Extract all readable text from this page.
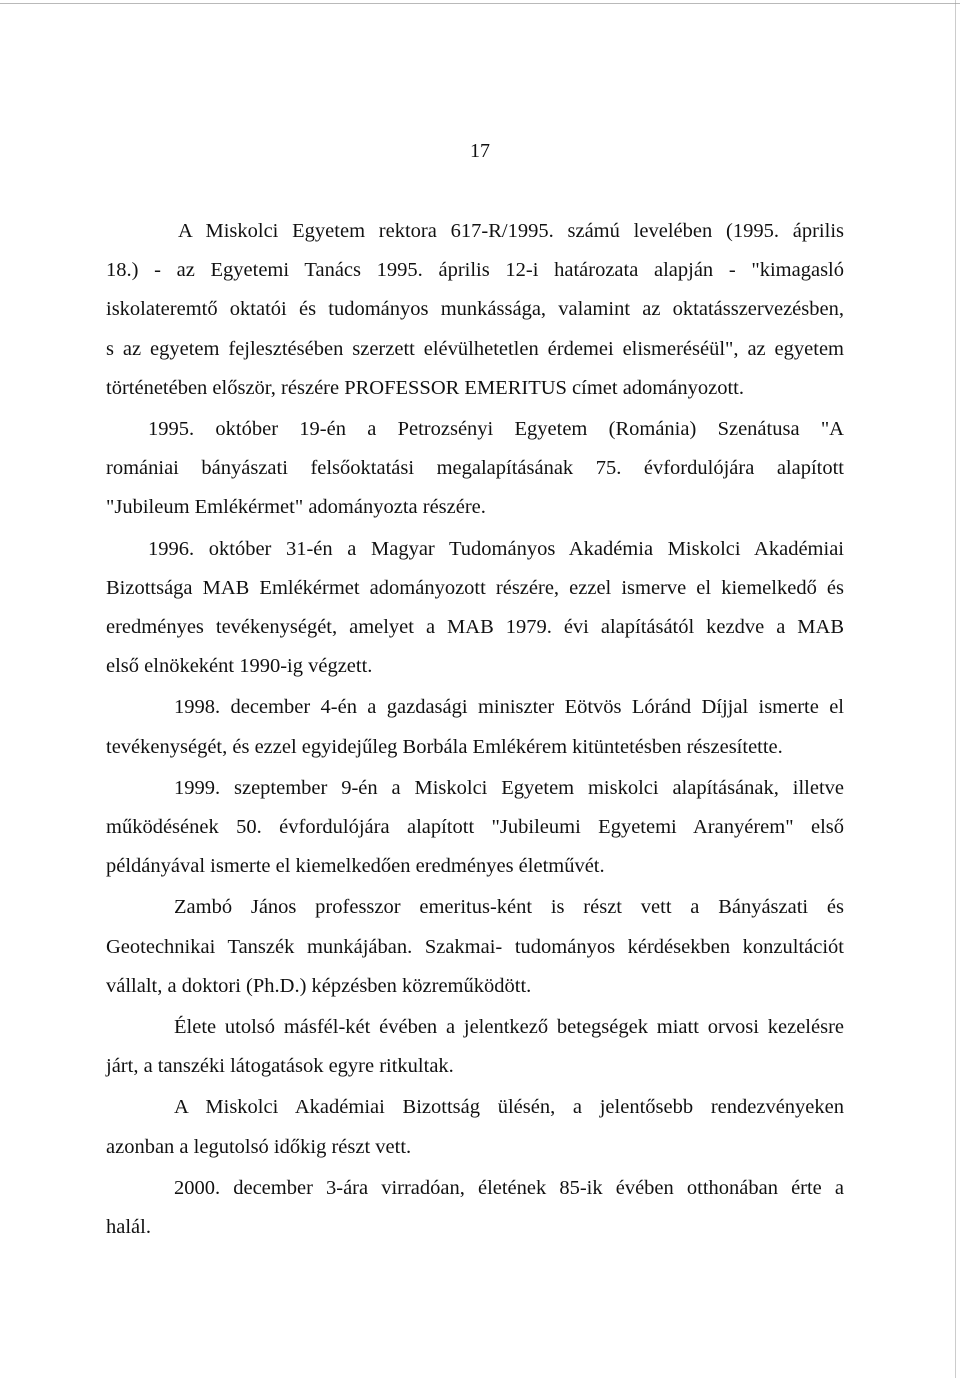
17

A Miskolci Egyetem rektora 617-R/1995. számú levelében (1995. április
18.) - az Egyetemi Tanács 1995. április 12-i határozata alapján - "kimagasló
iskolateremtő oktatói és tudományos munkássága, valamint az oktatásszervezésben,
s az egyetem fejlesztésében szerzett elévülhetetlen érdemei elismeréséül", az egyetem
történetében először, részére PROFESSOR EMERITUS címet adományozott.

1995. október 19-én a Petrozsényi Egyetem (Románia) Szenátusa "A
romániai bányászati felsőoktatási megalapításának 75. évfordulójára alapított
"Jubileum Emlékérmet" adományozta részére.

1996. október 31-én a Magyar Tudományos Akadémia Miskolci Akadémiai
Bizottsága MAB Emlékérmet adományozott részére, ezzel ismerve el kiemelkedő és
eredményes tevékenységét, amelyet a MAB 1979. évi alapításától kezdve a MAB
első elnökeként 1990-ig végzett.

1998. december 4-én a gazdasági miniszter Eötvös Lóránd Díjjal ismerte el
tevékenységét, és ezzel egyidejűleg Borbála Emlékérem kitüntetésben részesítette.

1999. szeptember 9-én a Miskolci Egyetem miskolci alapításának, illetve
működésének 50. évfordulójára alapított "Jubileumi Egyetemi Aranyérem" első
példányával ismerte el kiemelkedően eredményes életművét.

Zambó János professzor emeritus-ként is részt vett a Bányászati és
Geotechnikai Tanszék munkájában. Szakmai- tudományos kérdésekben konzultációt
vállalt, a doktori (Ph.D.) képzésben közreműködött.

Élete utolsó másfél-két évében a jelentkező betegségek miatt orvosi kezelésre
járt, a tanszéki látogatások egyre ritkultak.

A Miskolci Akadémiai Bizottság ülésén, a jelentősebb rendezvényeken
azonban a legutolsó időkig részt vett.

2000. december 3-ára virradóan, életének 85-ik évében otthonában érte a
halál.
